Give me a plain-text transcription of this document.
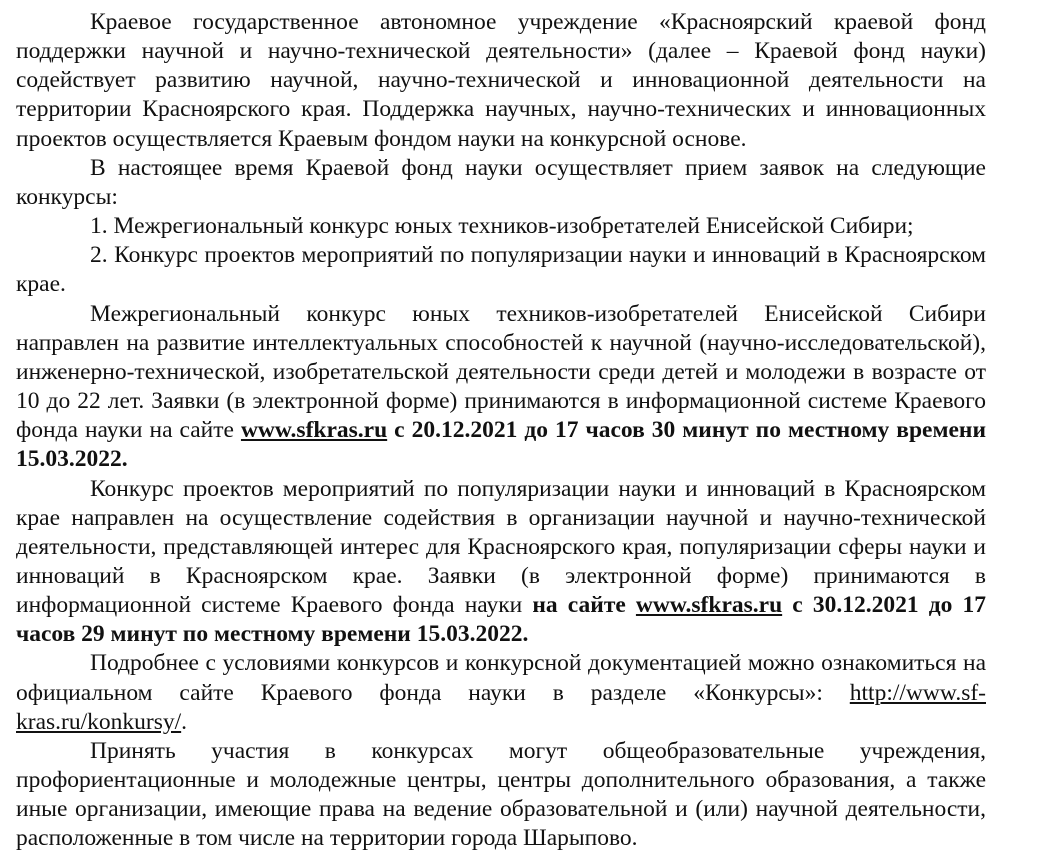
Краевое государственное автономное учреждение «Красноярский краевой фонд поддержки научной и научно-технической деятельности» (далее – Краевой фонд науки) содействует развитию научной, научно-технической и инновационной деятельности на территории Красноярского края. Поддержка научных, научно-технических и инновационных проектов осуществляется Краевым фондом науки на конкурсной основе.

В настоящее время Краевой фонд науки осуществляет прием заявок на следующие конкурсы:

1. Межрегиональный конкурс юных техников-изобретателей Енисейской Сибири;

2. Конкурс проектов мероприятий по популяризации науки и инноваций в Красноярском крае.

Межрегиональный конкурс юных техников-изобретателей Енисейской Сибири направлен на развитие интеллектуальных способностей к научной (научно-исследовательской), инженерно-технической, изобретательской деятельности среди детей и молодежи в возрасте от 10 до 22 лет. Заявки (в электронной форме) принимаются в информационной системе Краевого фонда науки на сайте www.sfkras.ru с 20.12.2021 до 17 часов 30 минут по местному времени 15.03.2022.

Конкурс проектов мероприятий по популяризации науки и инноваций в Красноярском крае направлен на осуществление содействия в организации научной и научно-технической деятельности, представляющей интерес для Красноярского края, популяризации сферы науки и инноваций в Красноярском крае. Заявки (в электронной форме) принимаются в информационной системе Краевого фонда науки на сайте www.sfkras.ru с 30.12.2021 до 17 часов 29 минут по местному времени 15.03.2022.

Подробнее с условиями конкурсов и конкурсной документацией можно ознакомиться на официальном сайте Краевого фонда науки в разделе «Конкурсы»: http://www.sf-kras.ru/konkursy/.

Принять участия в конкурсах могут общеобразовательные учреждения, профориентационные и молодежные центры, центры дополнительного образования, а также иные организации, имеющие права на ведение образовательной и (или) научной деятельности, расположенные в том числе на территории города Шарыпово.
